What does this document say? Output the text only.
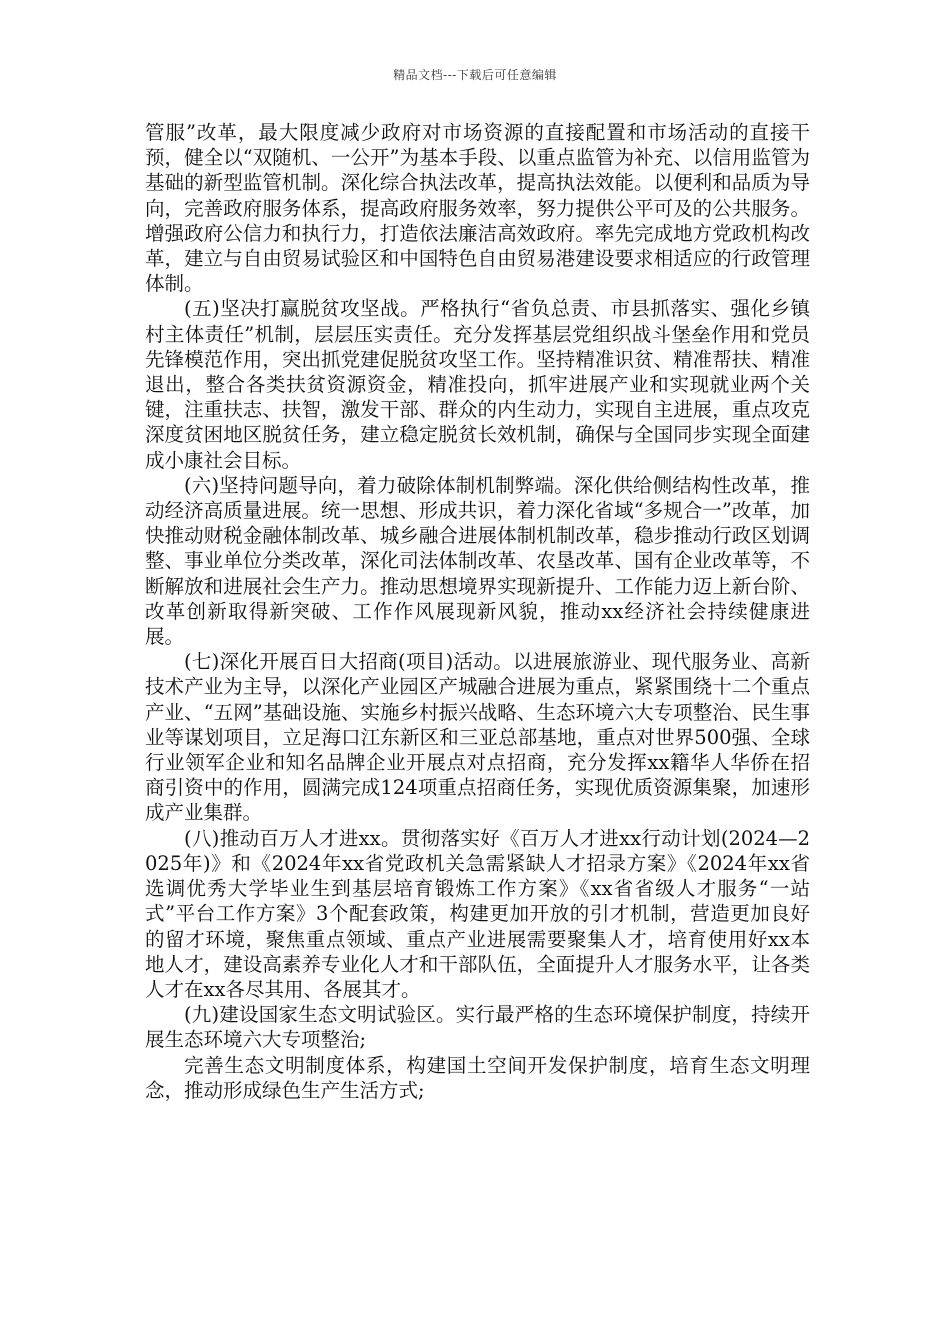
精品文档---下载后可任意编辑

管服”改革，最大限度减少政府对市场资源的直接配置和市场活动的直接干预，健全以“双随机、一公开”为基本手段、以重点监管为补充、以信用监管为基础的新型监管机制。深化综合执法改革，提高执法效能。以便利和品质为导向，完善政府服务体系，提高政府服务效率，努力提供公平可及的公共服务。增强政府公信力和执行力，打造依法廉洁高效政府。率先完成地方党政机构改革，建立与自由贸易试验区和中国特色自由贸易港建设要求相适应的行政管理体制。

(五)坚决打赢脱贫攻坚战。严格执行“省负总责、市县抓落实、强化乡镇村主体责任”机制，层层压实责任。充分发挥基层党组织战斗堡垒作用和党员先锋模范作用，突出抓党建促脱贫攻坚工作。坚持精准识贫、精准帮扶、精准退出，整合各类扶贫资源资金，精准投向，抓牢进展产业和实现就业两个关键，注重扶志、扶智，激发干部、群众的内生动力，实现自主进展，重点攻克深度贫困地区脱贫任务，建立稳定脱贫长效机制，确保与全国同步实现全面建成小康社会目标。

(六)坚持问题导向，着力破除体制机制弊端。深化供给侧结构性改革，推动经济高质量进展。统一思想、形成共识，着力深化省域“多规合一”改革，加快推动财税金融体制改革、城乡融合进展体制机制改革，稳步推动行政区划调整、事业单位分类改革，深化司法体制改革、农垦改革、国有企业改革等，不断解放和进展社会生产力。推动思想境界实现新提升、工作能力迈上新台阶、改革创新取得新突破、工作作风展现新风貌，推动xx经济社会持续健康进展。

(七)深化开展百日大招商(项目)活动。以进展旅游业、现代服务业、高新技术产业为主导，以深化产业园区产城融合进展为重点，紧紧围绕十二个重点产业、“五网”基础设施、实施乡村振兴战略、生态环境六大专项整治、民生事业等谋划项目，立足海口江东新区和三亚总部基地，重点对世界500强、全球行业领军企业和知名品牌企业开展点对点招商，充分发挥xx籍华人华侨在招商引资中的作用，圆满完成124项重点招商任务，实现优质资源集聚，加速形成产业集群。

(八)推动百万人才进xx。贯彻落实好《百万人才进xx行动计划(2024—2025年)》和《2024年xx省党政机关急需紧缺人才招录方案》《2024年xx省选调优秀大学毕业生到基层培育锻炼工作方案》《xx省省级人才服务“一站式”平台工作方案》3个配套政策，构建更加开放的引才机制，营造更加良好的留才环境，聚焦重点领域、重点产业进展需要聚集人才，培育使用好xx本地人才，建设高素养专业化人才和干部队伍，全面提升人才服务水平，让各类人才在xx各尽其用、各展其才。

(九)建设国家生态文明试验区。实行最严格的生态环境保护制度，持续开展生态环境六大专项整治;

完善生态文明制度体系，构建国土空间开发保护制度，培育生态文明理念，推动形成绿色生产生活方式;
